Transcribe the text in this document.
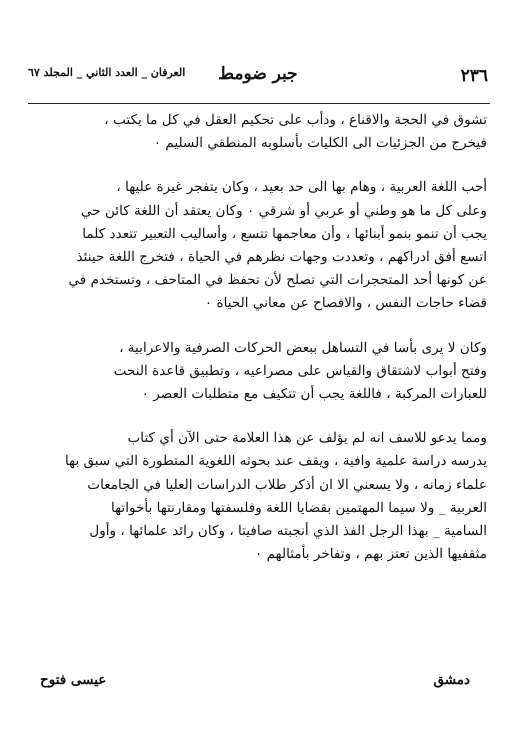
٢٣٦
جبر ضومط
العرفان _ العدد الثاني _ المجلد ٦٧
تشوق في الحجة والاقناع ، ودأب على تحكيم العقل في كل ما يكتب ،
فيخرج من الجزئيات الى الكليات بأسلوبه المنطقي السليم ٠
أحب اللغة العربية ، وهام بها الى حد بعيد ، وكان يتفجر غيرة عليها ،
وعلى كل ما هو وطني أو عربي أو شرقي ٠ وكان يعتقد أن اللغة كائن حي
يجب أن تنمو بنمو أبنائها ، وأن معاجمها تتسع ، وأساليب التعبير تتعدد كلما
اتسع أفق ادراكهم ، وتعددت وجهات نظرهم في الحياة ، فتخرج اللغة حينئذ
عن كونها أحد المتحجرات التي تصلح لأن تحفظ في المتاحف ، وتستخدم في
قضاء حاجات النفس ، والافصاح عن معاني الحياة ٠
وكان لا يرى بأسا في التساهل ببعض الحركات الصرفية والاعرابية ،
وفتح أبواب لاشتقاق والقياس على مصراعيه ، وتطبيق قاعدة النحت
للعبارات المركبة ، فاللغة يجب أن تتكيف مع متطلبات العصر ٠
ومما يدعو للاسف انه لم يؤلف عن هذا العلامة حتى الآن أي كتاب
يدرسه دراسة علمية وافية ، ويقف عند بحوثه اللغوية المتطورة التي سبق بها
علماء زمانه ، ولا يسعني الا ان أذكر طلاب الدراسات العليا في الجامعات
العربية _ ولا سيما المهتمين بقضايا اللغة وفلسفتها ومقارنتها بأخواتها
السامية _ بهذا الرجل الفذ الذي أنجبته صافيتا ، وكان رائد علمائها ، وأول
مثقفيها الذين تعتز بهم ، وتفاخر بأمثالهم ٠
دمشق
عيسى فتوح
